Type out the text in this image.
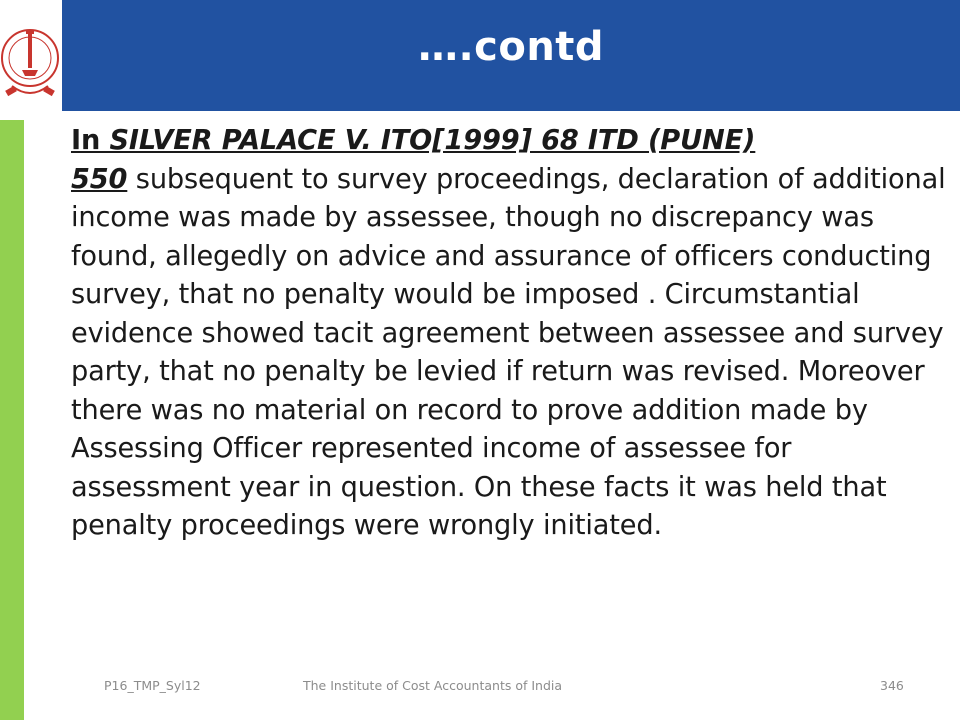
….contd
In SILVER PALACE V. ITO[1999] 68 ITD (PUNE)
550 subsequent to survey proceedings, declaration of additional income was made by assessee, though no discrepancy was found, allegedly on advice and assurance of officers conducting survey, that no penalty would be imposed . Circumstantial evidence showed tacit agreement between assessee and survey party, that no penalty be levied if return was revised. Moreover there was no material on record to prove addition made by Assessing Officer represented income of assessee for assessment year in question. On these facts it was held that penalty proceedings were wrongly initiated.
P16_TMP_Syl12	The Institute of Cost Accountants of India	346
